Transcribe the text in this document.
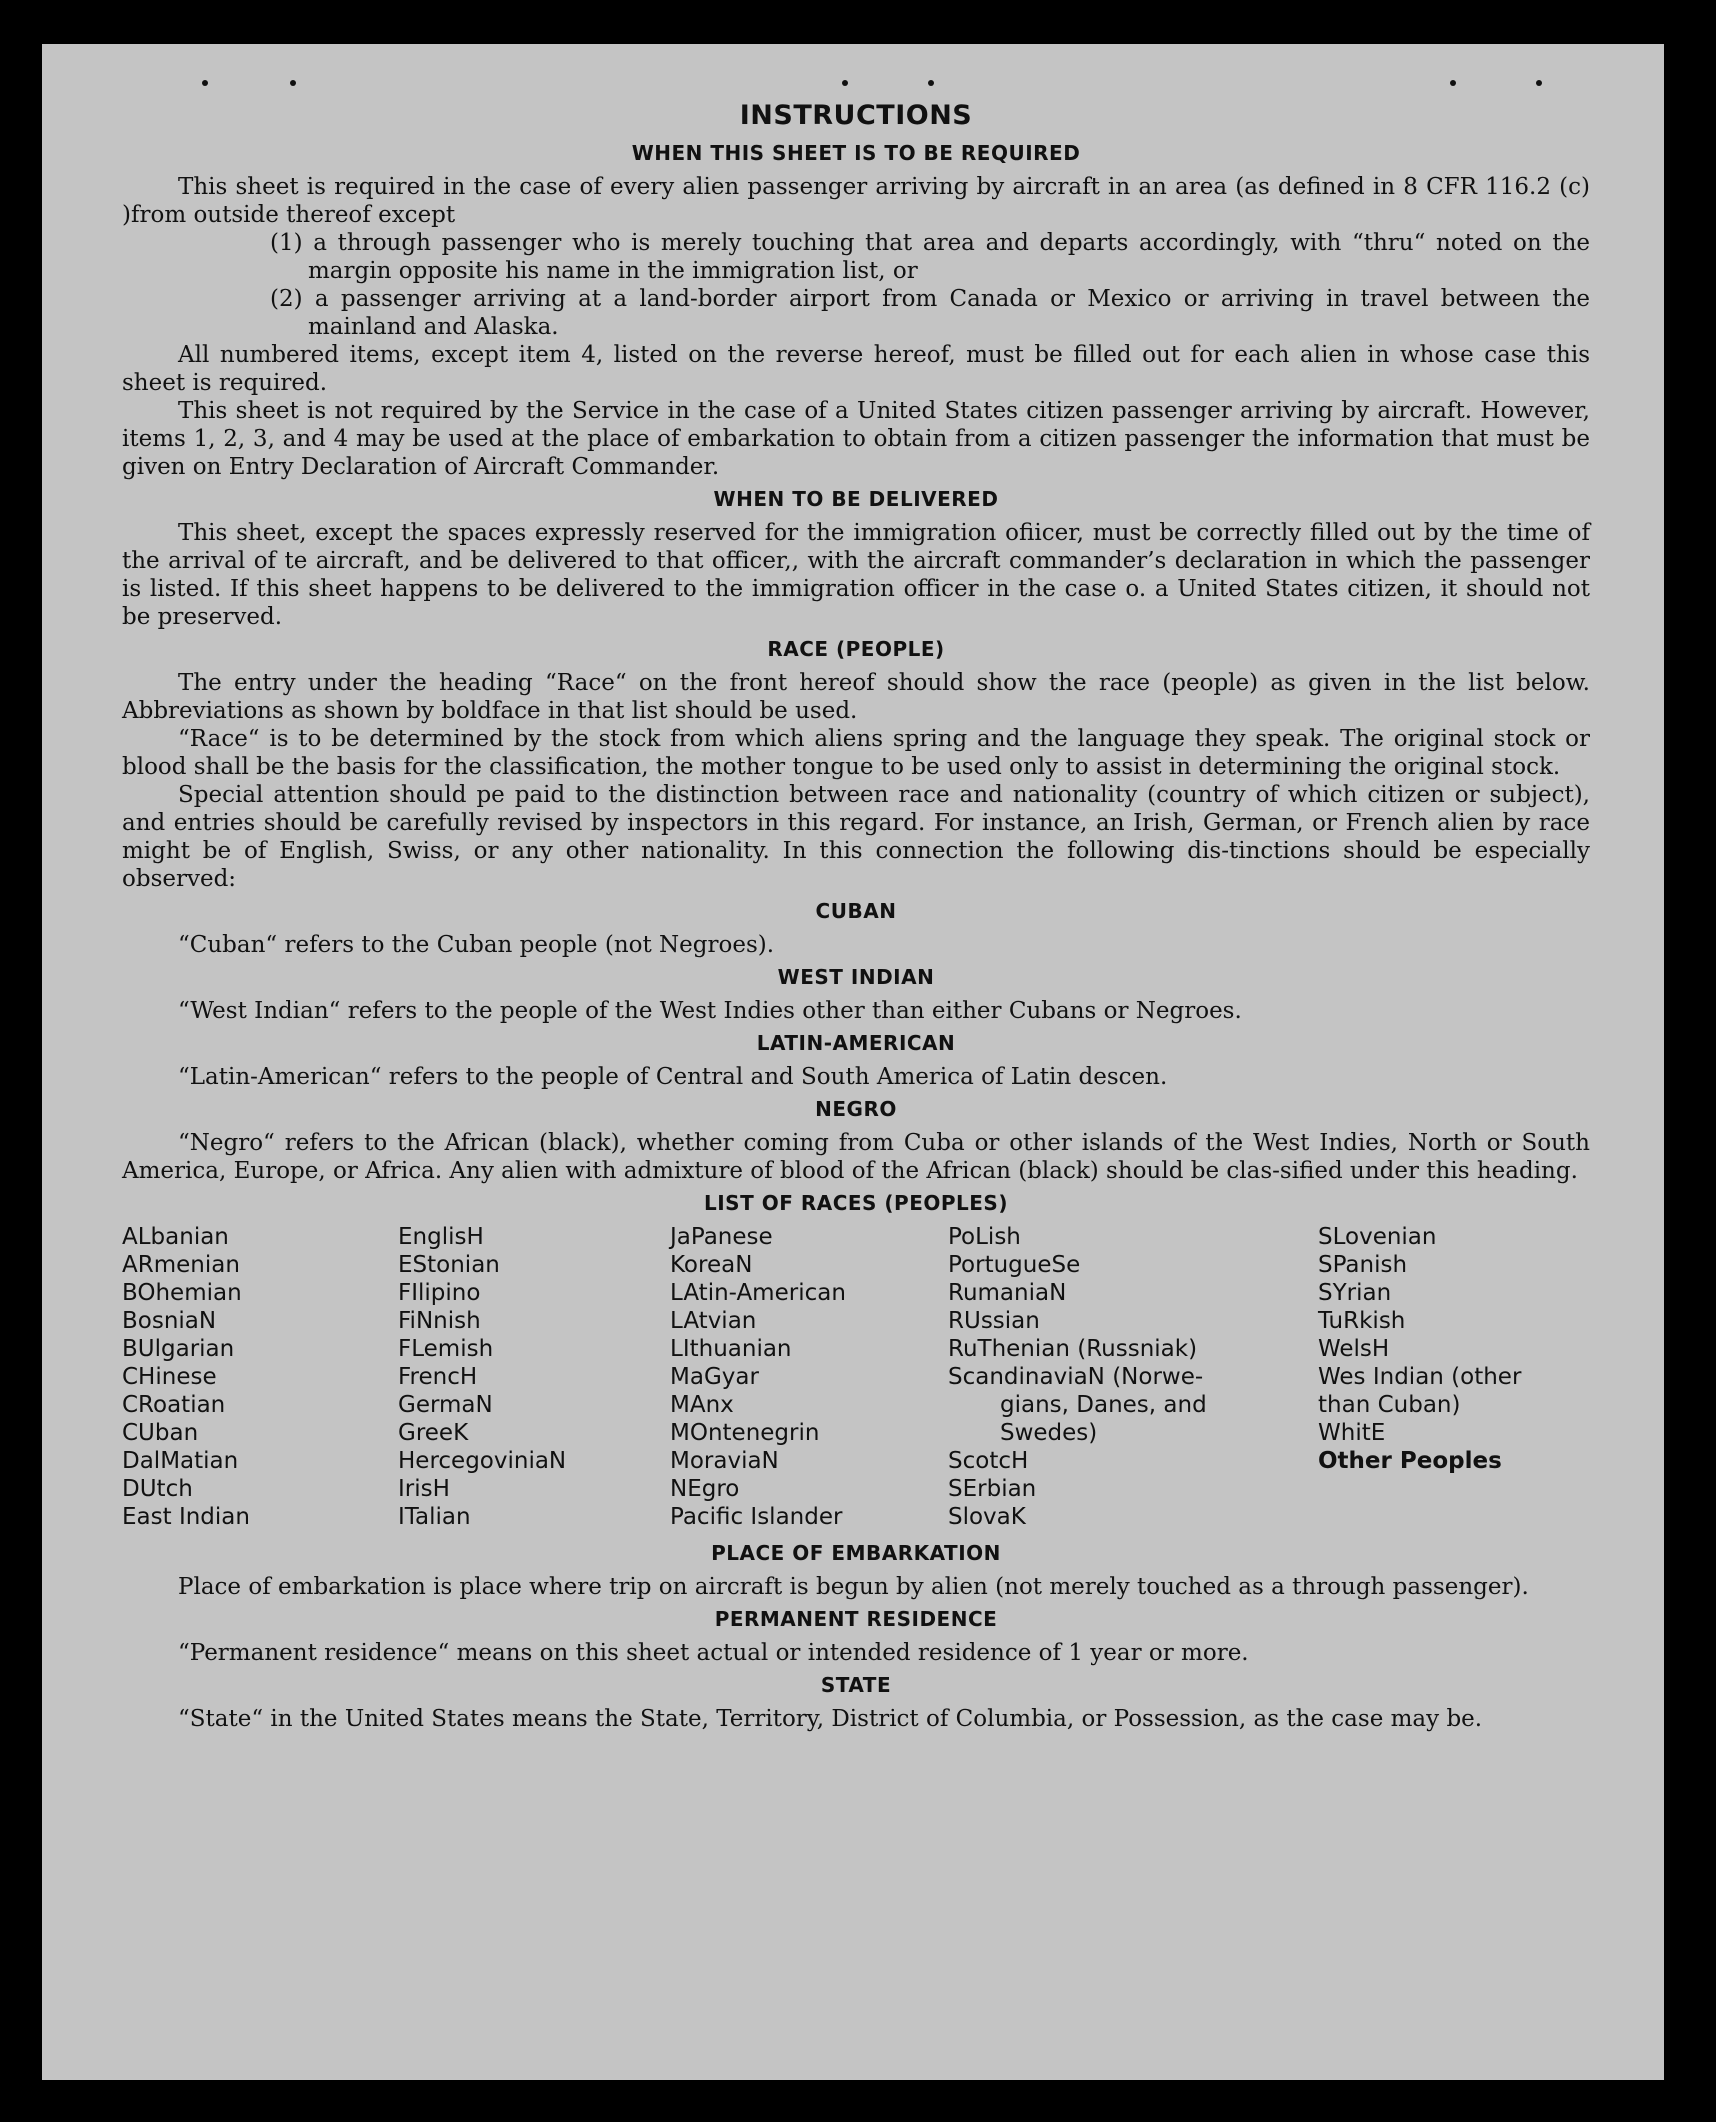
INSTRUCTIONS
WHEN THIS SHEET IS TO BE REQUIRED

This sheet is required in the case of every alien passenger arriving by aircraft in an area (as defined in 8 CFR 116.2 (c) )from outside thereof except

(1) a through passenger who is merely touching that area and departs accordingly, with “thru“ noted on the margin opposite his name in the immigration list, or
(2) a passenger arriving at a land-border airport from Canada or Mexico or arriving in travel between the mainland and Alaska.

All numbered items, except item 4, listed on the reverse hereof, must be filled out for each alien in whose case this sheet is required.

This sheet is not required by the Service in the case of a United States citizen passenger arriving by aircraft. However, items 1, 2, 3, and 4 may be used at the place of embarkation to obtain from a citizen passenger the information that must be given on Entry Declaration of Aircraft Commander.

WHEN TO BE DELIVERED

This sheet, except the spaces expressly reserved for the immigration ofiicer, must be correctly filled out by the time of the arrival of te aircraft, and be delivered to that officer,, with the aircraft commander’s declaration in which the passenger is listed. If this sheet happens to be delivered to the immigration officer in the case o. a United States citizen, it should not be preserved.

RACE (PEOPLE)

The entry under the heading “Race“ on the front hereof should show the race (people) as given in the list below. Abbreviations as shown by boldface in that list should be used.

“Race“ is to be determined by the stock from which aliens spring and the language they speak. The original stock or blood shall be the basis for the classification, the mother tongue to be used only to assist in determining the original stock.

Special attention should pe paid to the distinction between race and nationality (country of which citizen or subject), and entries should be carefully revised by inspectors in this regard. For instance, an Irish, German, or French alien by race might be of English, Swiss, or any other nationality. In this connection the following dis-tinctions should be especially observed:

CUBAN

“Cuban“ refers to the Cuban people (not Negroes).

WEST INDIAN

“West Indian“ refers to the people of the West Indies other than either Cubans or Negroes.

LATIN-AMERICAN

“Latin-American“ refers to the people of Central and South America of Latin descen.

NEGRO

“Negro“ refers to the African (black), whether coming from Cuba or other islands of the West Indies, North or South America, Europe, or Africa. Any alien with admixture of blood of the African (black) should be clas-sified under this heading.

LIST OF RACES (PEOPLES)
ALbanian
ARmenian
BOhemian
BosniaN
BUlgarian
CHinese
CRoatian
CUban
DalMatian
DUtch
East Indian
EnglisH
EStonian
FIlipino
FiNnish
FLemish
FrencH
GermaN
GreeK
HercegoviniaN
IrisH
ITalian
JaPanese
KoreaN
LAtin-American
LAtvian
LIthuanian
MaGyar
MAnx
MOntenegrin
MoraviaN
NEgro
Pacific Islander
PoLish
PortugueSe
RumaniaN
RUssian
RuThenian (Russniak)
ScandinaviaN (Norwe-
gians, Danes, and
Swedes)
ScotcH
SErbian
SlovaK
SLovenian
SPanish
SYrian
TuRkish
WelsH
Wes Indian (other
than Cuban)
WhitE
Other Peoples
PLACE OF EMBARKATION

Place of embarkation is place where trip on aircraft is begun by alien (not merely touched as a through passenger).

PERMANENT RESIDENCE

“Permanent residence“ means on this sheet actual or intended residence of 1 year or more.

STATE

“State“ in the United States means the State, Territory, District of Columbia, or Possession, as the case may be.
